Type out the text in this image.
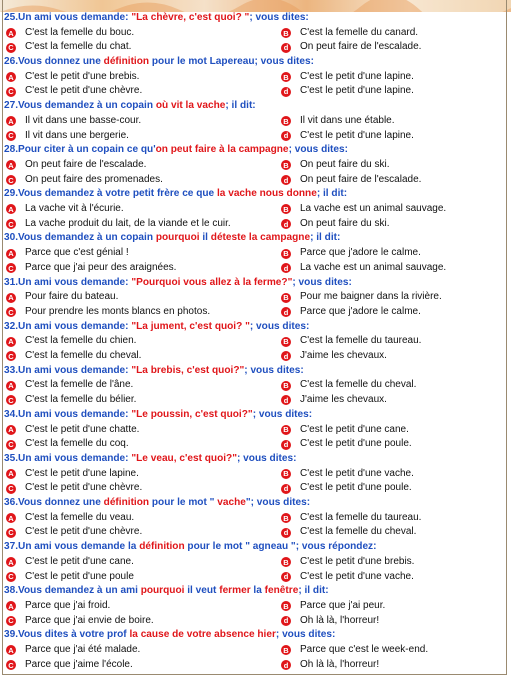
25.Un ami vous demande: "La chèvre, c'est quoi? "; vous dites:
A C'est la femelle du bouc.	B C'est la femelle du canard.
C C'est la femelle du chat.	d On peut faire de l'escalade.
26.Vous donnez une définition pour le mot Lapereau; vous dites:
A C'est le petit d'une brebis.	B C'est le petit d'une lapine.
C C'est le petit d'une chèvre.	d C'est le petit d'une lapine.
27.Vous demandez à un copain où vit la vache; il dit:
A Il vit dans une basse-cour.	B Il vit dans une étable.
C Il vit dans une bergerie.	d C'est le petit d'une lapine.
28.Pour citer à un copain ce qu'on peut faire à la campagne; vous dites:
A On peut faire de l'escalade.	B On peut faire du ski.
C On peut faire des promenades.	d On peut faire de l'escalade.
29.Vous demandez à votre petit frère ce que la vache nous donne; il dit:
A La vache vit à l'écurie.	B La vache est un animal sauvage.
C La vache produit du lait, de la viande et le cuir.	d On peut faire du ski.
30.Vous demandez à un copain pourquoi il déteste la campagne; il dit:
A Parce que c'est génial !	B Parce que j'adore le calme.
C Parce que j'ai peur des araignées.	d La vache est un animal sauvage.
31.Un ami vous demande: "Pourquoi vous allez à la ferme?"; vous dites:
A Pour faire du bateau.	B Pour me baigner dans la rivière.
C Pour prendre les monts blancs en photos.	d Parce que j'adore le calme.
32.Un ami vous demande: "La jument, c'est quoi? "; vous dites:
A C'est la femelle du chien.	B C'est la femelle du taureau.
C C'est la femelle du cheval.	d J'aime les chevaux.
33.Un ami vous demande: "La brebis, c'est quoi?"; vous dites:
A C'est la femelle de l'âne.	B C'est la femelle du cheval.
C C'est la femelle du bélier.	d J'aime les chevaux.
34.Un ami vous demande: "Le poussin, c'est quoi?"; vous dites:
A C'est le petit d'une chatte.	B C'est le petit d'une cane.
C C'est la femelle du coq.	d C'est le petit d'une poule.
35.Un ami vous demande: "Le veau, c'est quoi?"; vous dites:
A C'est le petit d'une lapine.	B C'est le petit d'une vache.
C C'est le petit d'une chèvre.	d C'est le petit d'une poule.
36.Vous donnez une définition pour le mot " vache"; vous dites:
A C'est la femelle du veau.	B C'est la femelle du taureau.
C C'est le petit d'une chèvre.	d C'est la femelle du cheval.
37.Un ami vous demande la définition pour le mot " agneau "; vous répondez:
A C'est le petit d'une cane.	B C'est le petit d'une brebis.
C C'est le petit d'une poule	d C'est le petit d'une vache.
38.Vous demandez à un ami pourquoi il veut fermer la fenêtre; il dit:
A Parce que j'ai froid.	B Parce que j'ai peur.
C Parce que j'ai envie de boire.	d Oh là là, l'horreur!
39.Vous dites à votre prof la cause de votre absence hier; vous dites:
A Parce que j'ai été malade.	B Parce que c'est le week-end.
C Parce que j'aime l'école.	d Oh là là, l'horreur!
